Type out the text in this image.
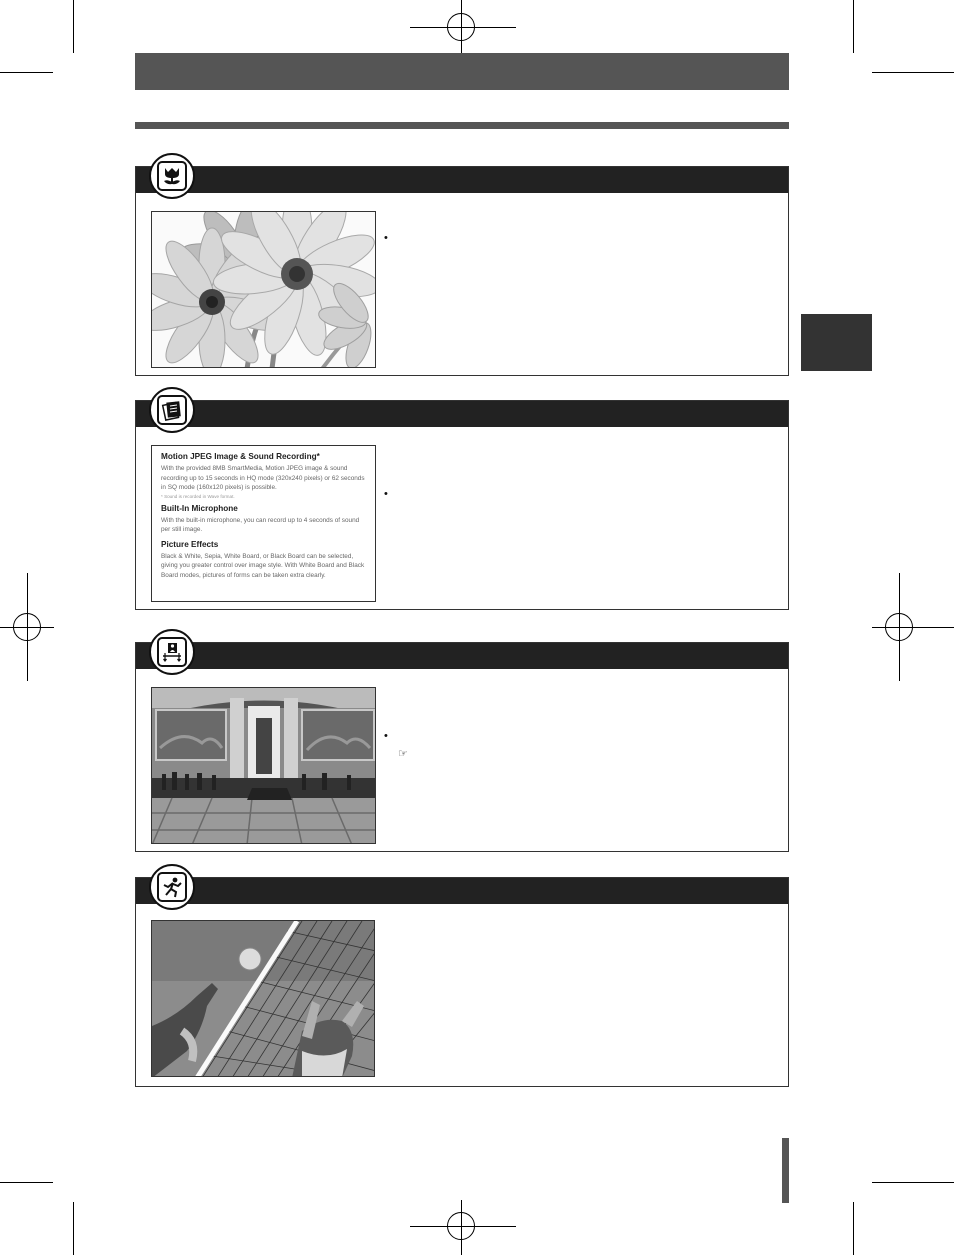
•
Motion JPEG Image & Sound Recording*

With the provided 8MB SmartMedia, Motion JPEG image & sound recording up to 15 seconds in HQ mode (320x240 pixels) or 62 seconds in SQ mode (160x120 pixels) is possible.

* Sound is recorded in Wave format.

Built-In Microphone

With the built-in microphone, you can record up to 4 seconds of sound per still image.

Picture Effects

Black & White, Sepia, White Board, or Black Board can be selected, giving you greater control over image style. With White Board and Black Board modes, pictures of forms can be taken extra clearly.

•
•
☞
